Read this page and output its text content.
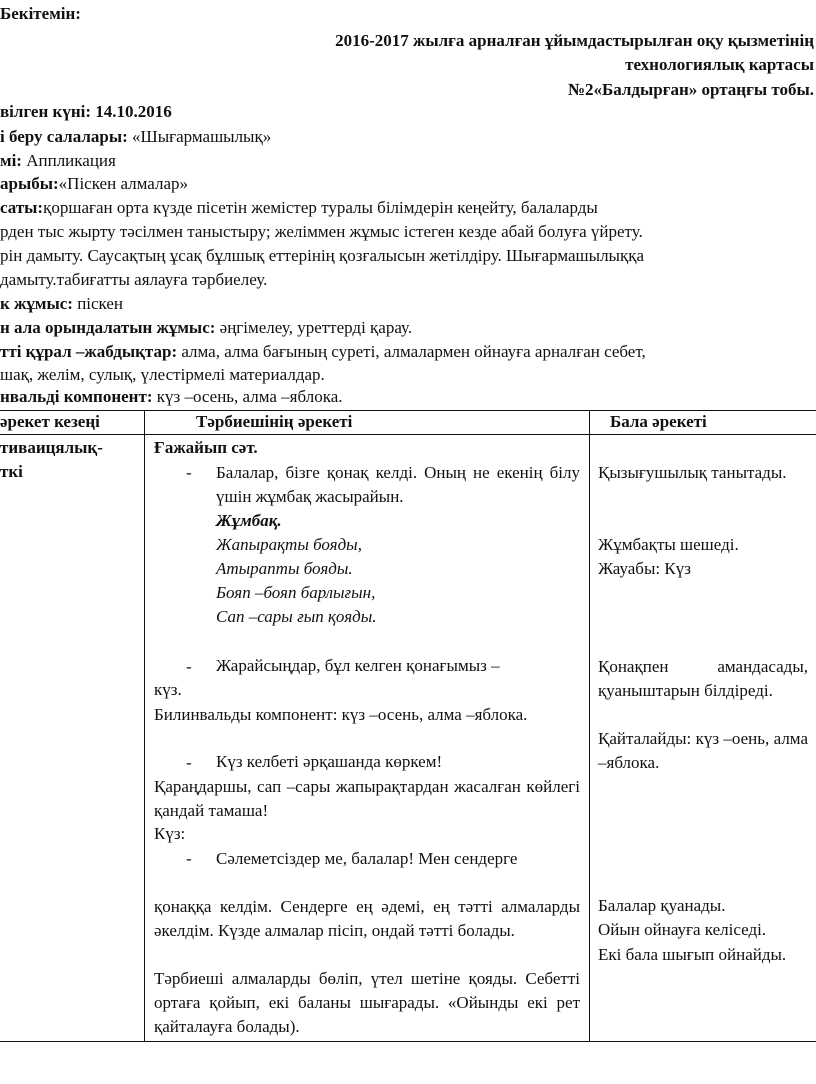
Бекітемін:
2016-2017 жылға арналған ұйымдастырылған оқу қызметінің
технологиялық картасы
№2«Балдырған» ортаңғы тобы.
вілген күні: 14.10.2016
і беру салалары: «Шығармашылық»
мі: Аппликация
арыбы:«Піскен алмалар»
саты:қоршаған орта күзде пісетін жемістер туралы білімдерін кеңейту, балаларды
рден тыс жырту тәсілмен таныстыру; желіммен жұмыс істеген кезде абай болуға үйрету.
рін дамыту. Саусақтың ұсақ бұлшық еттерінің қозғалысын жетілдіру. Шығармашылыққа
дамыту.табиғатты аялауға тәрбиелеу.
к жұмыс: піскен
н ала орындалатын жұмыс: әңгімелеу, уреттерді қарау.
тті құрал –жабдықтар: алма, алма бағының суреті, алмалармен ойнауға арналған себет,
шақ, желім, сулық, үлестірмелі материалдар.
нвальді компонент: күз –осень, алма –яблока.
әрекет кезеңі	Тәрбиешінің әрекеті	Бала әрекеті
тиваицялық-
ткі
Ғажайып сәт.
- Балалар, бізге қонақ келді. Оның не екенің білу үшін жұмбақ жасырайын.
Жұмбақ.
Жапырақты бояды,
Атырапты бояды.
Бояп –бояп барлығын,
Сап –сары ғып қояды.
- Жарайсыңдар, бұл келген қонағымыз –
күз.
Билинвальды компонент: күз –осень, алма –яблока.
- Күз келбеті әрқашанда көркем!
Қараңдаршы, сап –сары жапырақтардан жасалған көйлегі қандай тамаша!
Күз:
- Сәлеметсіздер ме, балалар! Мен сендерге
қонаққа келдім. Сендерге ең әдемі, ең тәтті алмаларды әкелдім. Күзде алмалар пісіп, ондай тәтті болады.
Тәрбиеші алмаларды бөліп, үтел шетіне қояды. Себетті ортаға қойып, екі баланы шығарады. «Ойынды екі рет қайталауға болады).
Қызығушылық танытады.
Жұмбақты шешеді.
Жауабы: Күз
Қонақпен амандасады, қуаныштарын білдіреді.
Қайталайды: күз –оень, алма –яблока.
Балалар қуанады.
Ойын ойнауға келіседі.
Екі бала шығып ойнайды.
